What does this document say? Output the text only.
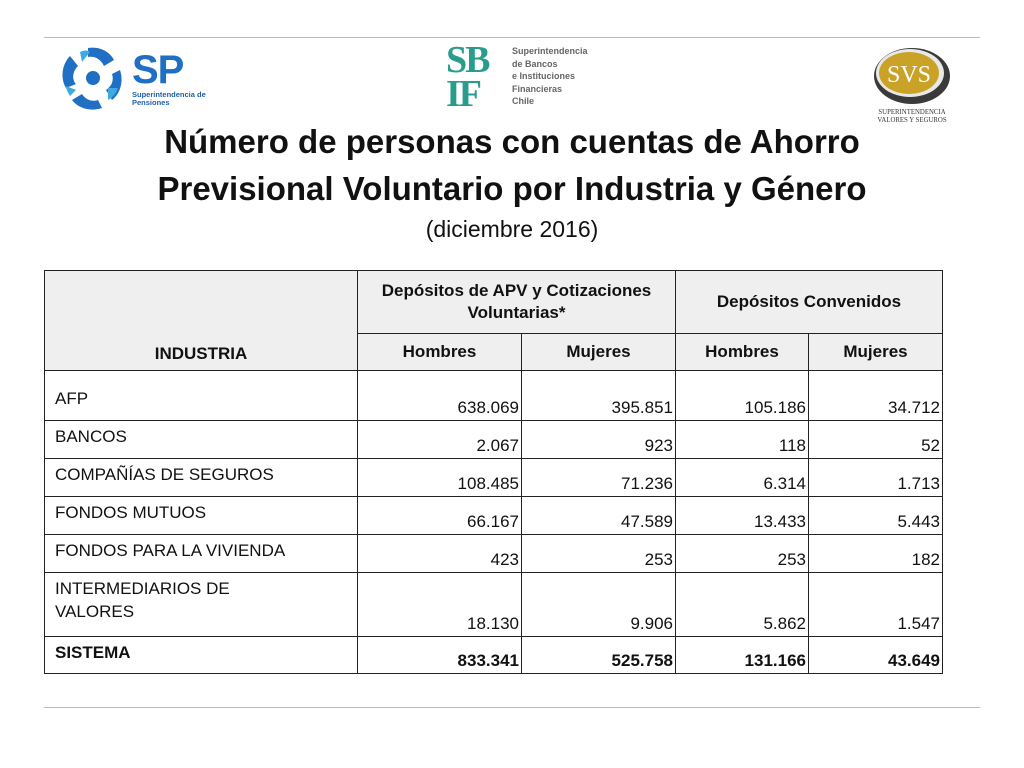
SP
Superintendencia de
Pensiones
SB
IF
Superintendencia
de Bancos
e Instituciones
Financieras
Chile
SVS
SUPERINTENDENCIA
VALORES Y SEGUROS
Número de personas con cuentas de Ahorro
Previsional Voluntario por Industria y Género
(diciembre 2016)
INDUSTRIA	Depósitos de APV y Cotizaciones Voluntarias*		Depósitos Convenidos	
	Hombres	Mujeres	Hombres	Mujeres
AFP	638.069	395.851	105.186	34.712
BANCOS	2.067	923	118	52
COMPAÑÍAS DE SEGUROS	108.485	71.236	6.314	1.713
FONDOS MUTUOS	66.167	47.589	13.433	5.443
FONDOS PARA LA VIVIENDA	423	253	253	182
INTERMEDIARIOS DE VALORES	18.130	9.906	5.862	1.547
SISTEMA	833.341	525.758	131.166	43.649
